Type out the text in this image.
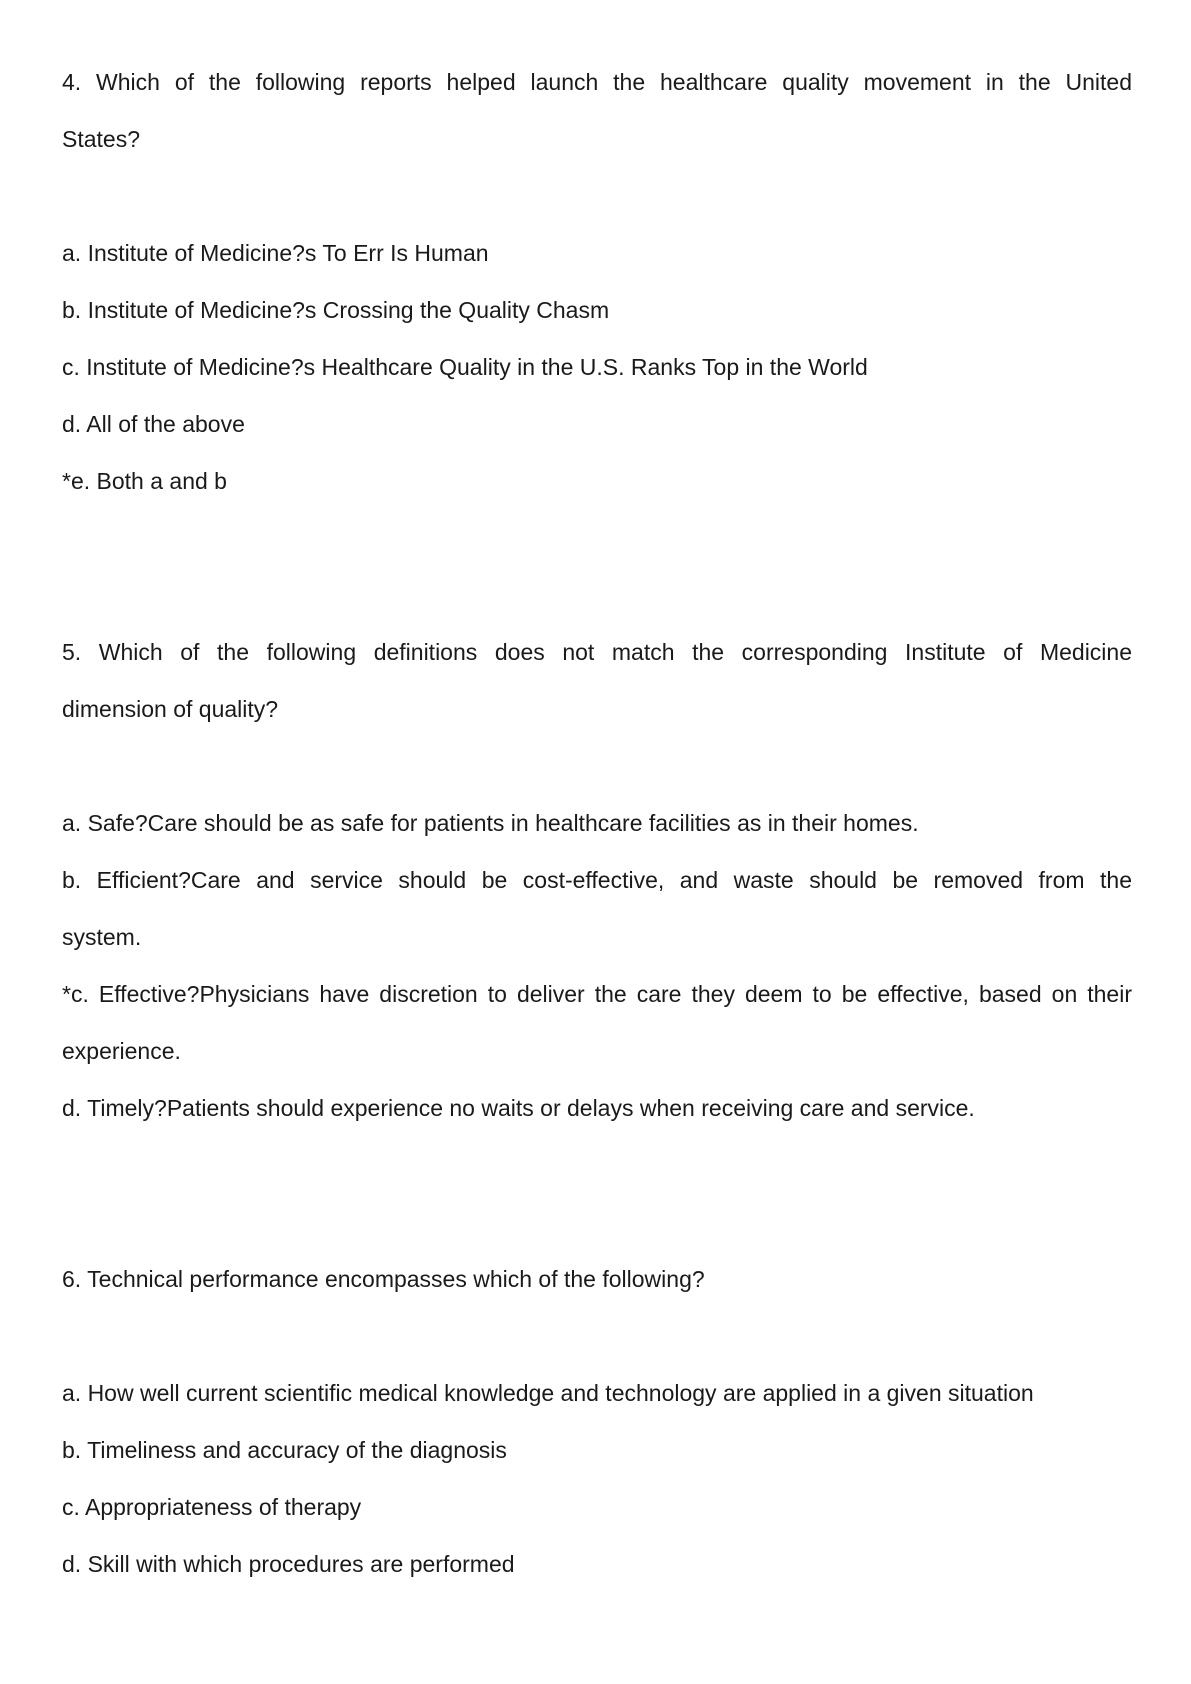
4. Which of the following reports helped launch the healthcare quality movement in the United
States?
a. Institute of Medicine?s To Err Is Human
b. Institute of Medicine?s Crossing the Quality Chasm
c. Institute of Medicine?s Healthcare Quality in the U.S. Ranks Top in the World
d. All of the above
*e. Both a and b
5. Which of the following definitions does not match the corresponding Institute of Medicine
dimension of quality?
a. Safe?Care should be as safe for patients in healthcare facilities as in their homes.
b. Efficient?Care and service should be cost-effective, and waste should be removed from the
system.
*c. Effective?Physicians have discretion to deliver the care they deem to be effective, based on their
experience.
d. Timely?Patients should experience no waits or delays when receiving care and service.
6. Technical performance encompasses which of the following?
a. How well current scientific medical knowledge and technology are applied in a given situation
b. Timeliness and accuracy of the diagnosis
c. Appropriateness of therapy
d. Skill with which procedures are performed
